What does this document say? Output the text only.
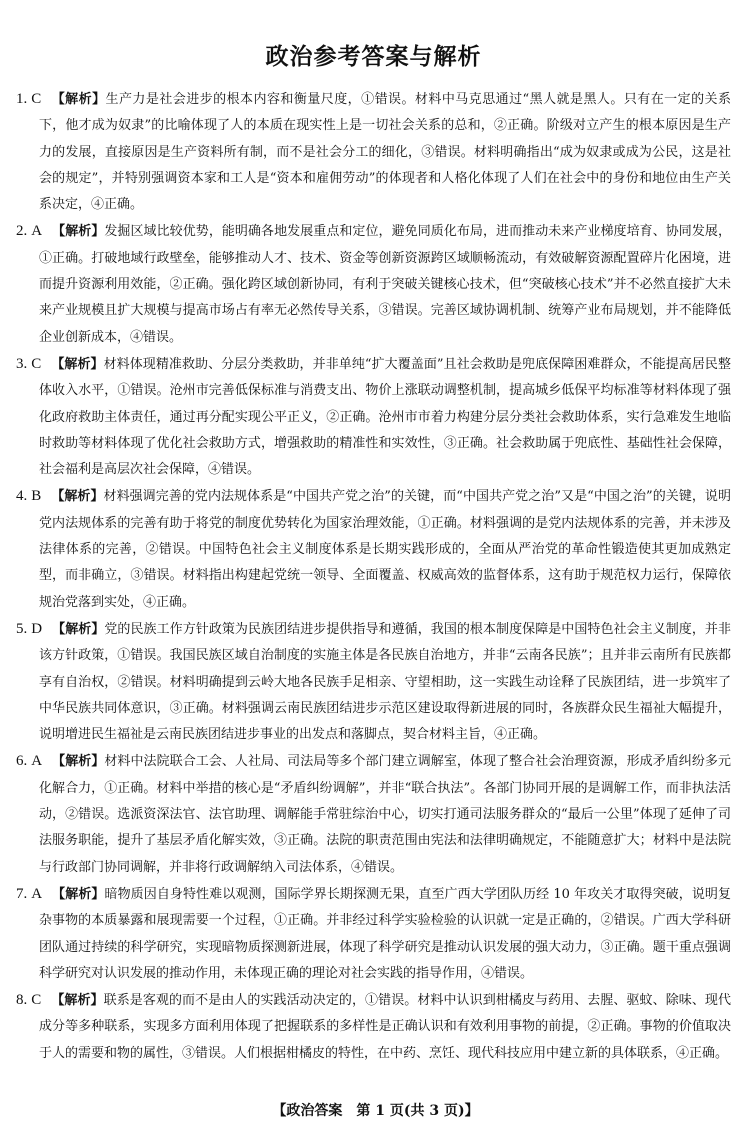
政治参考答案与解析

1. C 【解析】生产力是社会进步的根本内容和衡量尺度，①错误。材料中马克思通过“黑人就是黑人。只有在一定的关系下，他才成为奴隶”的比喻体现了人的本质在现实性上是一切社会关系的总和，②正确。阶级对立产生的根本原因是生产力的发展，直接原因是生产资料所有制，而不是社会分工的细化，③错误。材料明确指出“成为奴隶或成为公民，这是社会的规定”，并特别强调资本家和工人是“资本和雇佣劳动”的体现者和人格化体现了人们在社会中的身份和地位由生产关系决定，④正确。

2. A 【解析】发掘区域比较优势，能明确各地发展重点和定位，避免同质化布局，进而推动未来产业梯度培育、协同发展，①正确。打破地域行政壁垒，能够推动人才、技术、资金等创新资源跨区域顺畅流动，有效破解资源配置碎片化困境，进而提升资源利用效能，②正确。强化跨区域创新协同，有利于突破关键核心技术，但“突破核心技术”并不必然直接扩大未来产业规模且扩大规模与提高市场占有率无必然传导关系，③错误。完善区域协调机制、统筹产业布局规划，并不能降低企业创新成本，④错误。

3. C 【解析】材料体现精准救助、分层分类救助，并非单纯“扩大覆盖面”且社会救助是兜底保障困难群众，不能提高居民整体收入水平，①错误。沧州市完善低保标准与消费支出、物价上涨联动调整机制，提高城乡低保平均标准等材料体现了强化政府救助主体责任，通过再分配实现公平正义，②正确。沧州市市着力构建分层分类社会救助体系，实行急难发生地临时救助等材料体现了优化社会救助方式，增强救助的精准性和实效性，③正确。社会救助属于兜底性、基础性社会保障，社会福利是高层次社会保障，④错误。

4. B 【解析】材料强调完善的党内法规体系是“中国共产党之治”的关键，而“中国共产党之治”又是“中国之治”的关键，说明党内法规体系的完善有助于将党的制度优势转化为国家治理效能，①正确。材料强调的是党内法规体系的完善，并未涉及法律体系的完善，②错误。中国特色社会主义制度体系是长期实践形成的，全面从严治党的革命性锻造使其更加成熟定型，而非确立，③错误。材料指出构建起党统一领导、全面覆盖、权威高效的监督体系，这有助于规范权力运行，保障依规治党落到实处，④正确。

5. D 【解析】党的民族工作方针政策为民族团结进步提供指导和遵循，我国的根本制度保障是中国特色社会主义制度，并非该方针政策，①错误。我国民族区域自治制度的实施主体是各民族自治地方，并非“云南各民族”；且并非云南所有民族都享有自治权，②错误。材料明确提到云岭大地各民族手足相亲、守望相助，这一实践生动诠释了民族团结，进一步筑牢了中华民族共同体意识，③正确。材料强调云南民族团结进步示范区建设取得新进展的同时，各族群众民生福祉大幅提升，说明增进民生福祉是云南民族团结进步事业的出发点和落脚点，契合材料主旨，④正确。

6. A 【解析】材料中法院联合工会、人社局、司法局等多个部门建立调解室，体现了整合社会治理资源，形成矛盾纠纷多元化解合力，①正确。材料中举措的核心是“矛盾纠纷调解”，并非“联合执法”。各部门协同开展的是调解工作，而非执法活动，②错误。选派资深法官、法官助理、调解能手常驻综治中心，切实打通司法服务群众的“最后一公里”体现了延伸了司法服务职能，提升了基层矛盾化解实效，③正确。法院的职责范围由宪法和法律明确规定，不能随意扩大；材料中是法院与行政部门协同调解，并非将行政调解纳入司法体系，④错误。

7. A 【解析】暗物质因自身特性难以观测，国际学界长期探测无果，直至广西大学团队历经 10 年攻关才取得突破，说明复杂事物的本质暴露和展现需要一个过程，①正确。并非经过科学实验检验的认识就一定是正确的，②错误。广西大学科研团队通过持续的科学研究，实现暗物质探测新进展，体现了科学研究是推动认识发展的强大动力，③正确。题干重点强调科学研究对认识发展的推动作用，未体现正确的理论对社会实践的指导作用，④错误。

8. C 【解析】联系是客观的而不是由人的实践活动决定的，①错误。材料中认识到柑橘皮与药用、去腥、驱蚊、除味、现代成分等多种联系，实现多方面利用体现了把握联系的多样性是正确认识和有效利用事物的前提，②正确。事物的价值取决于人的需要和物的属性，③错误。人们根据柑橘皮的特性，在中药、烹饪、现代科技应用中建立新的具体联系，④正确。

【政治答案　第 1 页(共 3 页)】
